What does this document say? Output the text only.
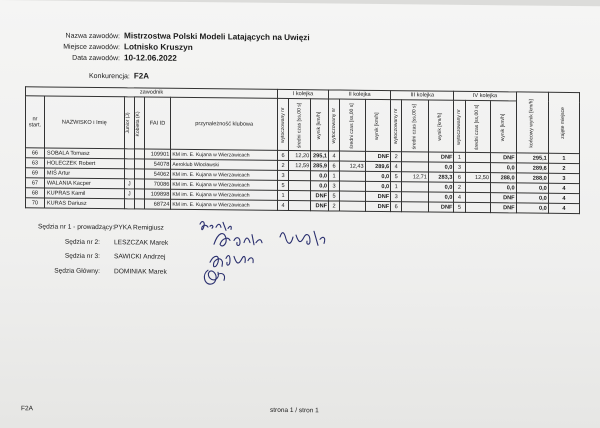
Nazwa zawodów: Mistrzostwa Polski Modeli Latających na Uwięzi
Miejsce zawodów: Lotnisko Kruszyn
Data zawodów: 10-12.06.2022
Konkurencja: F2A
zawodnik						I kolejka			II kolejka			III kolejka			IV kolejka			końcowy wynik [km/h]	zajęte miejsce
nr start.	NAZWISKO i Imię	Junior (J)	Kobieta (K)	FAI ID	przynależność klubowa	wytoczowany nr	średni czas [ss,00 s]	wynik [km/h]	wytoczowany nr	średni czas [ss,00 s]	wynik [km/h]	wytoczowany nr	średni czas [ss,00 s]	wynik [km/h]	wytoczowany nr	średni czas [ss,00 s]	wynik [km/h]		
66	SOBALA Tomasz			109901	KM im. E. Kujana w Wierzawicach	6	12,20	295,1	4		DNF	2		DNF	1		DNF	295,1	1
63	HOLECZEK Robert			54078	Aeroklub Włocławski	2	12,59	285,9	6	12,43	289,6	4		0,0	3		0,0	289,6	2
69	MIŚ Artur			54062	KM im. E. Kujana w Wierzawicach	3		0,0	1		0,0	5	12,71	283,3	6	12,50	288,0	288,0	3
67	WALANIA Kacper	J		70086	KM im. E. Kujana w Wierzawicach	5		0,0	3		0,0	1		0,0	2		0,0	0,0	4
68	KUPRAS Kamil	J		109898	KM im. E. Kujana w Wierzawicach	1		DNF	5		DNF	3		0,0	4		DNF	0,0	4
70	KURAS Dariusz			68724	KM im. E. Kujana w Wierzawicach	4		DNF	2		DNF	6		DNF	5		DNF	0,0	4
Sędzia nr 1 - prowadzący: PYKA Remigiusz
Sędzia nr 2:	LESZCZAK Marek
Sędzia nr 3:	SAWICKI Andrzej
Sędzia Główny:	DOMINIAK Marek
F2A	strona 1 / stron 1
